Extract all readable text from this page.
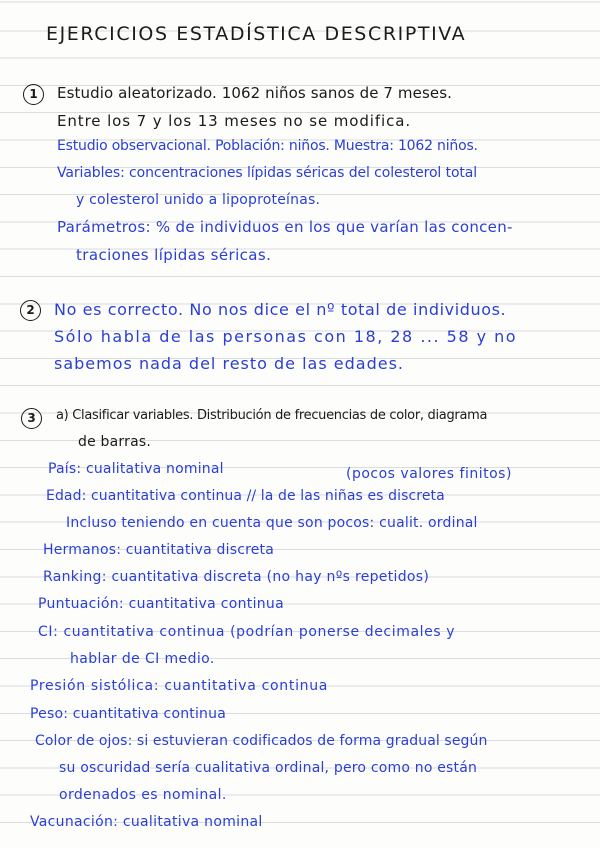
EJERCICIOS ESTADÍSTICA DESCRIPTIVA
1	Estudio aleatorizado. 1062 niños sanos de 7 meses.
Entre los 7 y los 13 meses no se modifica.
Estudio observacional. Población: niños. Muestra: 1062 niños.
Variables: concentraciones lípidas séricas del colesterol total
y colesterol unido a lipoproteínas.
Parámetros: % de individuos en los que varían las concen-
traciones lípidas séricas.
2	No es correcto. No nos dice el nº total de individuos.
Sólo habla de las personas con 18, 28 ... 58 y no
sabemos nada del resto de las edades.
3	a) Clasificar variables. Distribución de frecuencias de color, diagrama
de barras.
País: cualitativa nominal	(pocos valores finitos)
Edad: cuantitativa continua // la de las niñas es discreta
Incluso teniendo en cuenta que son pocos: cualit. ordinal
Hermanos: cuantitativa discreta
Ranking: cuantitativa discreta (no hay nºs repetidos)
Puntuación: cuantitativa continua
CI: cuantitativa continua (podrían ponerse decimales y
hablar de CI medio.
Presión sistólica: cuantitativa continua
Peso: cuantitativa continua
Color de ojos: si estuvieran codificados de forma gradual según
su oscuridad sería cualitativa ordinal, pero como no están
ordenados es nominal.
Vacunación: cualitativa nominal
